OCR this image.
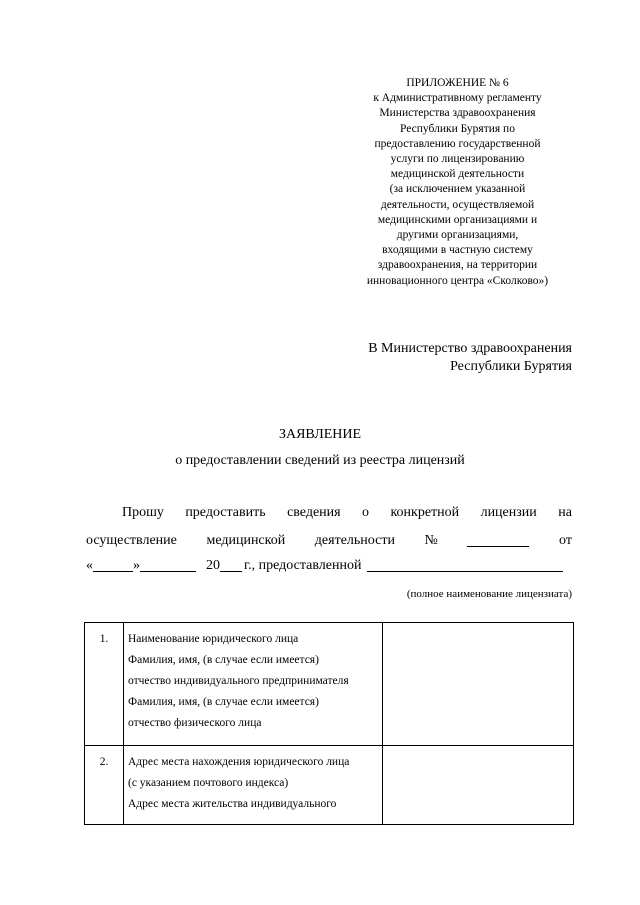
ПРИЛОЖЕНИЕ № 6
к Административному регламенту
Министерства здравоохранения
Республики Бурятия по
предоставлению государственной
услуги по лицензированию
медицинской деятельности
(за исключением указанной
деятельности, осуществляемой
медицинскими организациями и
другими организациями,
входящими в частную систему
здравоохранения, на территории
инновационного центра «Сколково»)
В Министерство здравоохранения
Республики Бурятия
ЗАЯВЛЕНИЕ
о предоставлении сведений из реестра лицензий
Прошу предоставить сведения о конкретной лицензии на
осуществление медицинской деятельности №	от
«	»	20 г., предоставленной
(полное наименование лицензиата)
1.	Наименование юридического лица
Фамилия, имя, (в случае если имеется)
отчество индивидуального предпринимателя
Фамилия, имя, (в случае если имеется)
отчество физического лица	

2.	Адрес места нахождения юридического лица
(с указанием почтового индекса)
Адрес места жительства индивидуального	
